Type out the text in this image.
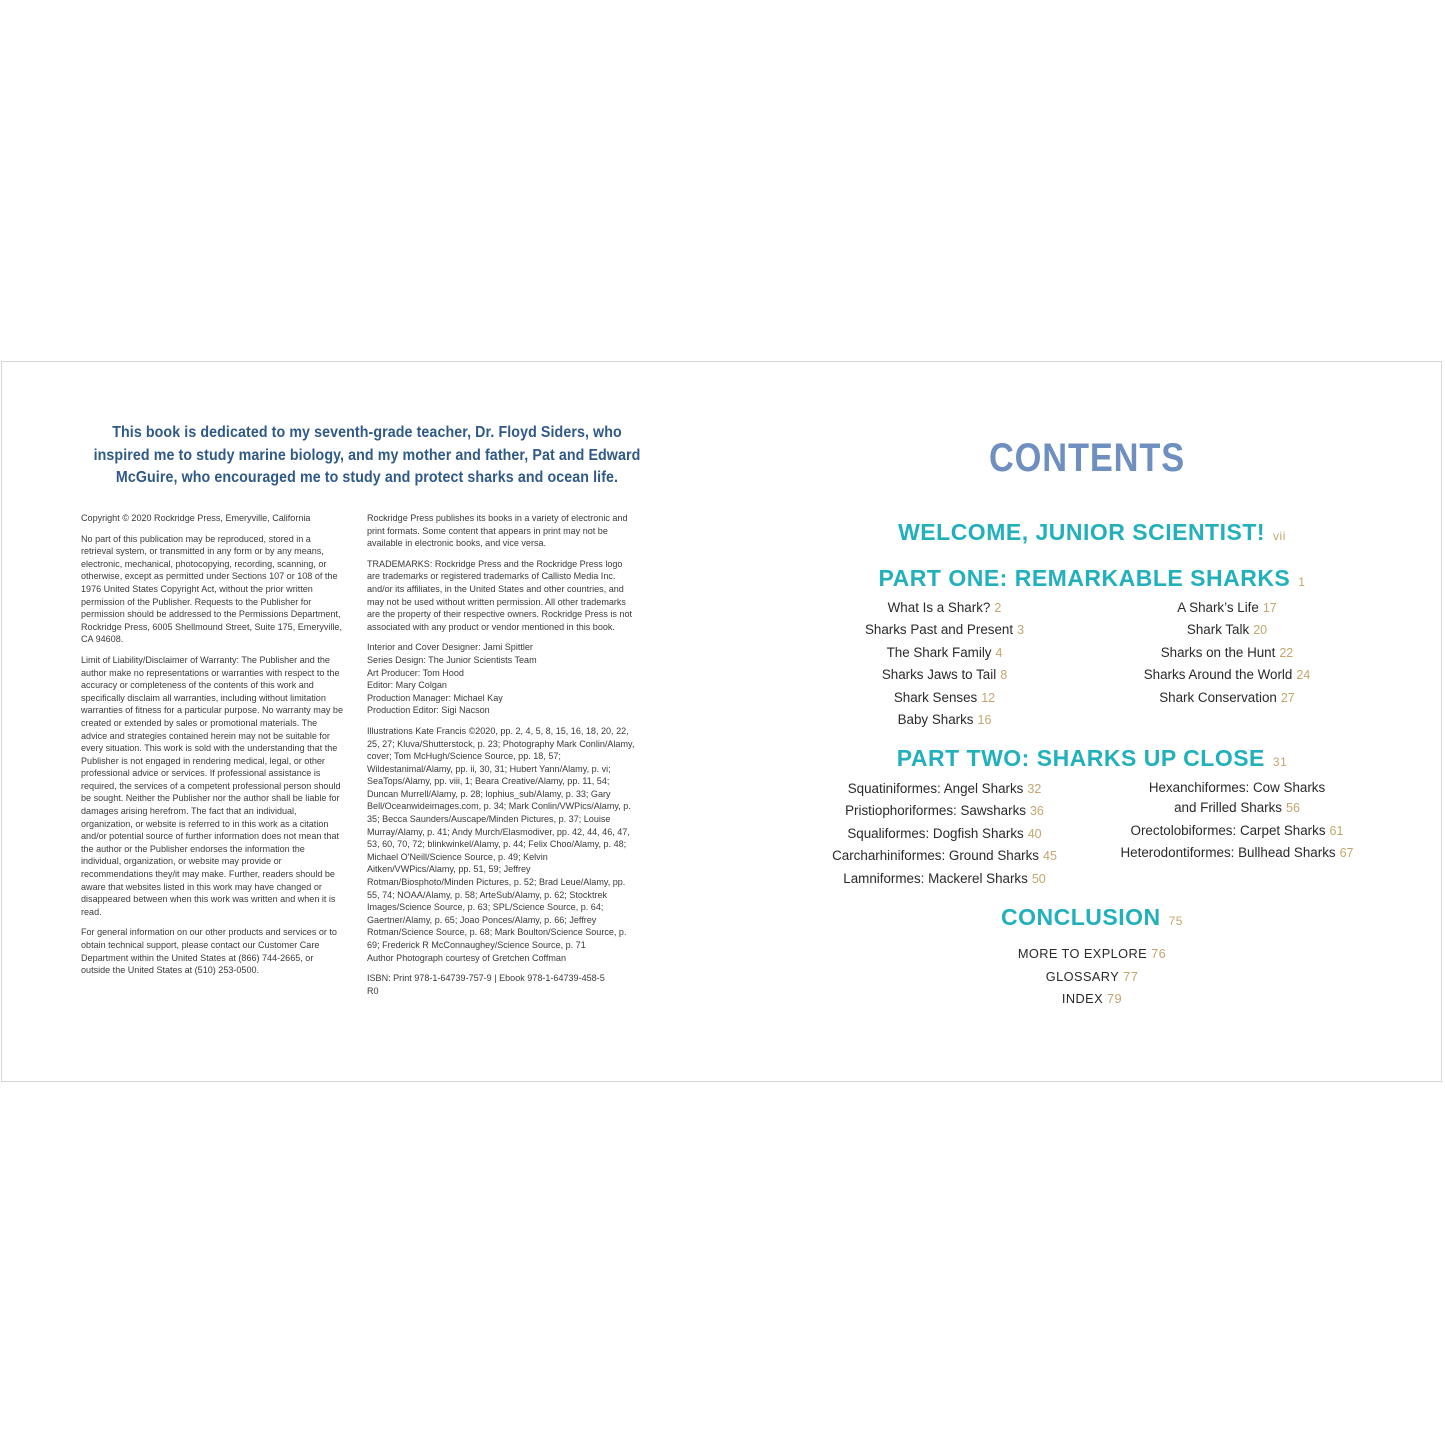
This book is dedicated to my seventh-grade teacher, Dr. Floyd Siders, who inspired me to study marine biology, and my mother and father, Pat and Edward McGuire, who encouraged me to study and protect sharks and ocean life.

Copyright © 2020 Rockridge Press, Emeryville, California

No part of this publication may be reproduced, stored in a retrieval system, or transmitted in any form or by any means, electronic, mechanical, photocopying, recording, scanning, or otherwise, except as permitted under Sections 107 or 108 of the 1976 United States Copyright Act, without the prior written permission of the Publisher. Requests to the Publisher for permission should be addressed to the Permissions Department, Rockridge Press, 6005 Shellmound Street, Suite 175, Emeryville, CA 94608.

Limit of Liability/Disclaimer of Warranty: The Publisher and the author make no representations or warranties with respect to the accuracy or completeness of the contents of this work and specifically disclaim all warranties, including without limitation warranties of fitness for a particular purpose. No warranty may be created or extended by sales or promotional materials. The advice and strategies contained herein may not be suitable for every situation. This work is sold with the understanding that the Publisher is not engaged in rendering medical, legal, or other professional advice or services. If professional assistance is required, the services of a competent professional person should be sought. Neither the Publisher nor the author shall be liable for damages arising herefrom. The fact that an individual, organization, or website is referred to in this work as a citation and/or potential source of further information does not mean that the author or the Publisher endorses the information the individual, organization, or website may provide or recommendations they/it may make. Further, readers should be aware that websites listed in this work may have changed or disappeared between when this work was written and when it is read.

For general information on our other products and services or to obtain technical support, please contact our Customer Care Department within the United States at (866) 744-2665, or outside the United States at (510) 253-0500.

Rockridge Press publishes its books in a variety of electronic and print formats. Some content that appears in print may not be available in electronic books, and vice versa.

TRADEMARKS: Rockridge Press and the Rockridge Press logo are trademarks or registered trademarks of Callisto Media Inc. and/or its affiliates, in the United States and other countries, and may not be used without written permission. All other trademarks are the property of their respective owners. Rockridge Press is not associated with any product or vendor mentioned in this book.

Interior and Cover Designer: Jami Spittler
Series Design: The Junior Scientists Team
Art Producer: Tom Hood
Editor: Mary Colgan
Production Manager: Michael Kay
Production Editor: Sigi Nacson

Illustrations Kate Francis ©2020, pp. 2, 4, 5, 8, 15, 16, 18, 20, 22, 25, 27; Kluva/Shutterstock, p. 23; Photography Mark Conlin/Alamy, cover; Tom McHugh/Science Source, pp. 18, 57; Wildestanimal/Alamy, pp. ii, 30, 31; Hubert Yann/Alamy, p. vi; SeaTops/Alamy, pp. viii, 1; Beara Creative/Alamy, pp. 11, 54; Duncan Murrell/Alamy, p. 28; lophius_sub/Alamy, p. 33; Gary Bell/Oceanwideimages.com, p. 34; Mark Conlin/VWPics/Alamy, p. 35; Becca Saunders/Auscape/Minden Pictures, p. 37; Louise Murray/Alamy, p. 41; Andy Murch/Elasmodiver, pp. 42, 44, 46, 47, 53, 60, 70, 72; blinkwinkel/Alamy, p. 44; Felix Choo/Alamy, p. 48; Michael O'Neill/Science Source, p. 49; Kelvin Aitken/VWPics/Alamy, pp. 51, 59; Jeffrey Rotman/Biosphoto/Minden Pictures, p. 52; Brad Leue/Alamy, pp. 55, 74; NOAA/Alamy, p. 58; ArteSub/Alamy, p. 62; Stocktrek Images/Science Source, p. 63; SPL/Science Source, p. 64; Gaertner/Alamy, p. 65; Joao Ponces/Alamy, p. 66; Jeffrey Rotman/Science Source, p. 68; Mark Boulton/Science Source, p. 69; Frederick R McConnaughey/Science Source, p. 71
Author Photograph courtesy of Gretchen Coffman

ISBN: Print 978-1-64739-757-9 | Ebook 978-1-64739-458-5
R0

CONTENTS
WELCOME, JUNIOR SCIENTIST! vii
PART ONE: REMARKABLE SHARKS 1
What Is a Shark? 2
Sharks Past and Present 3
The Shark Family 4
Sharks Jaws to Tail 8
Shark Senses 12
Baby Sharks 16
A Shark’s Life 17
Shark Talk 20
Sharks on the Hunt 22
Sharks Around the World 24
Shark Conservation 27
PART TWO: SHARKS UP CLOSE 31
Squatiniformes: Angel Sharks 32
Pristiophoriformes: Sawsharks 36
Squaliformes: Dogfish Sharks 40
Carcharhiniformes: Ground Sharks 45
Lamniformes: Mackerel Sharks 50
Hexanchiformes: Cow Sharks
and Frilled Sharks 56
Orectolobiformes: Carpet Sharks 61
Heterodontiformes: Bullhead Sharks 67
CONCLUSION 75
MORE TO EXPLORE 76
GLOSSARY 77
INDEX 79
